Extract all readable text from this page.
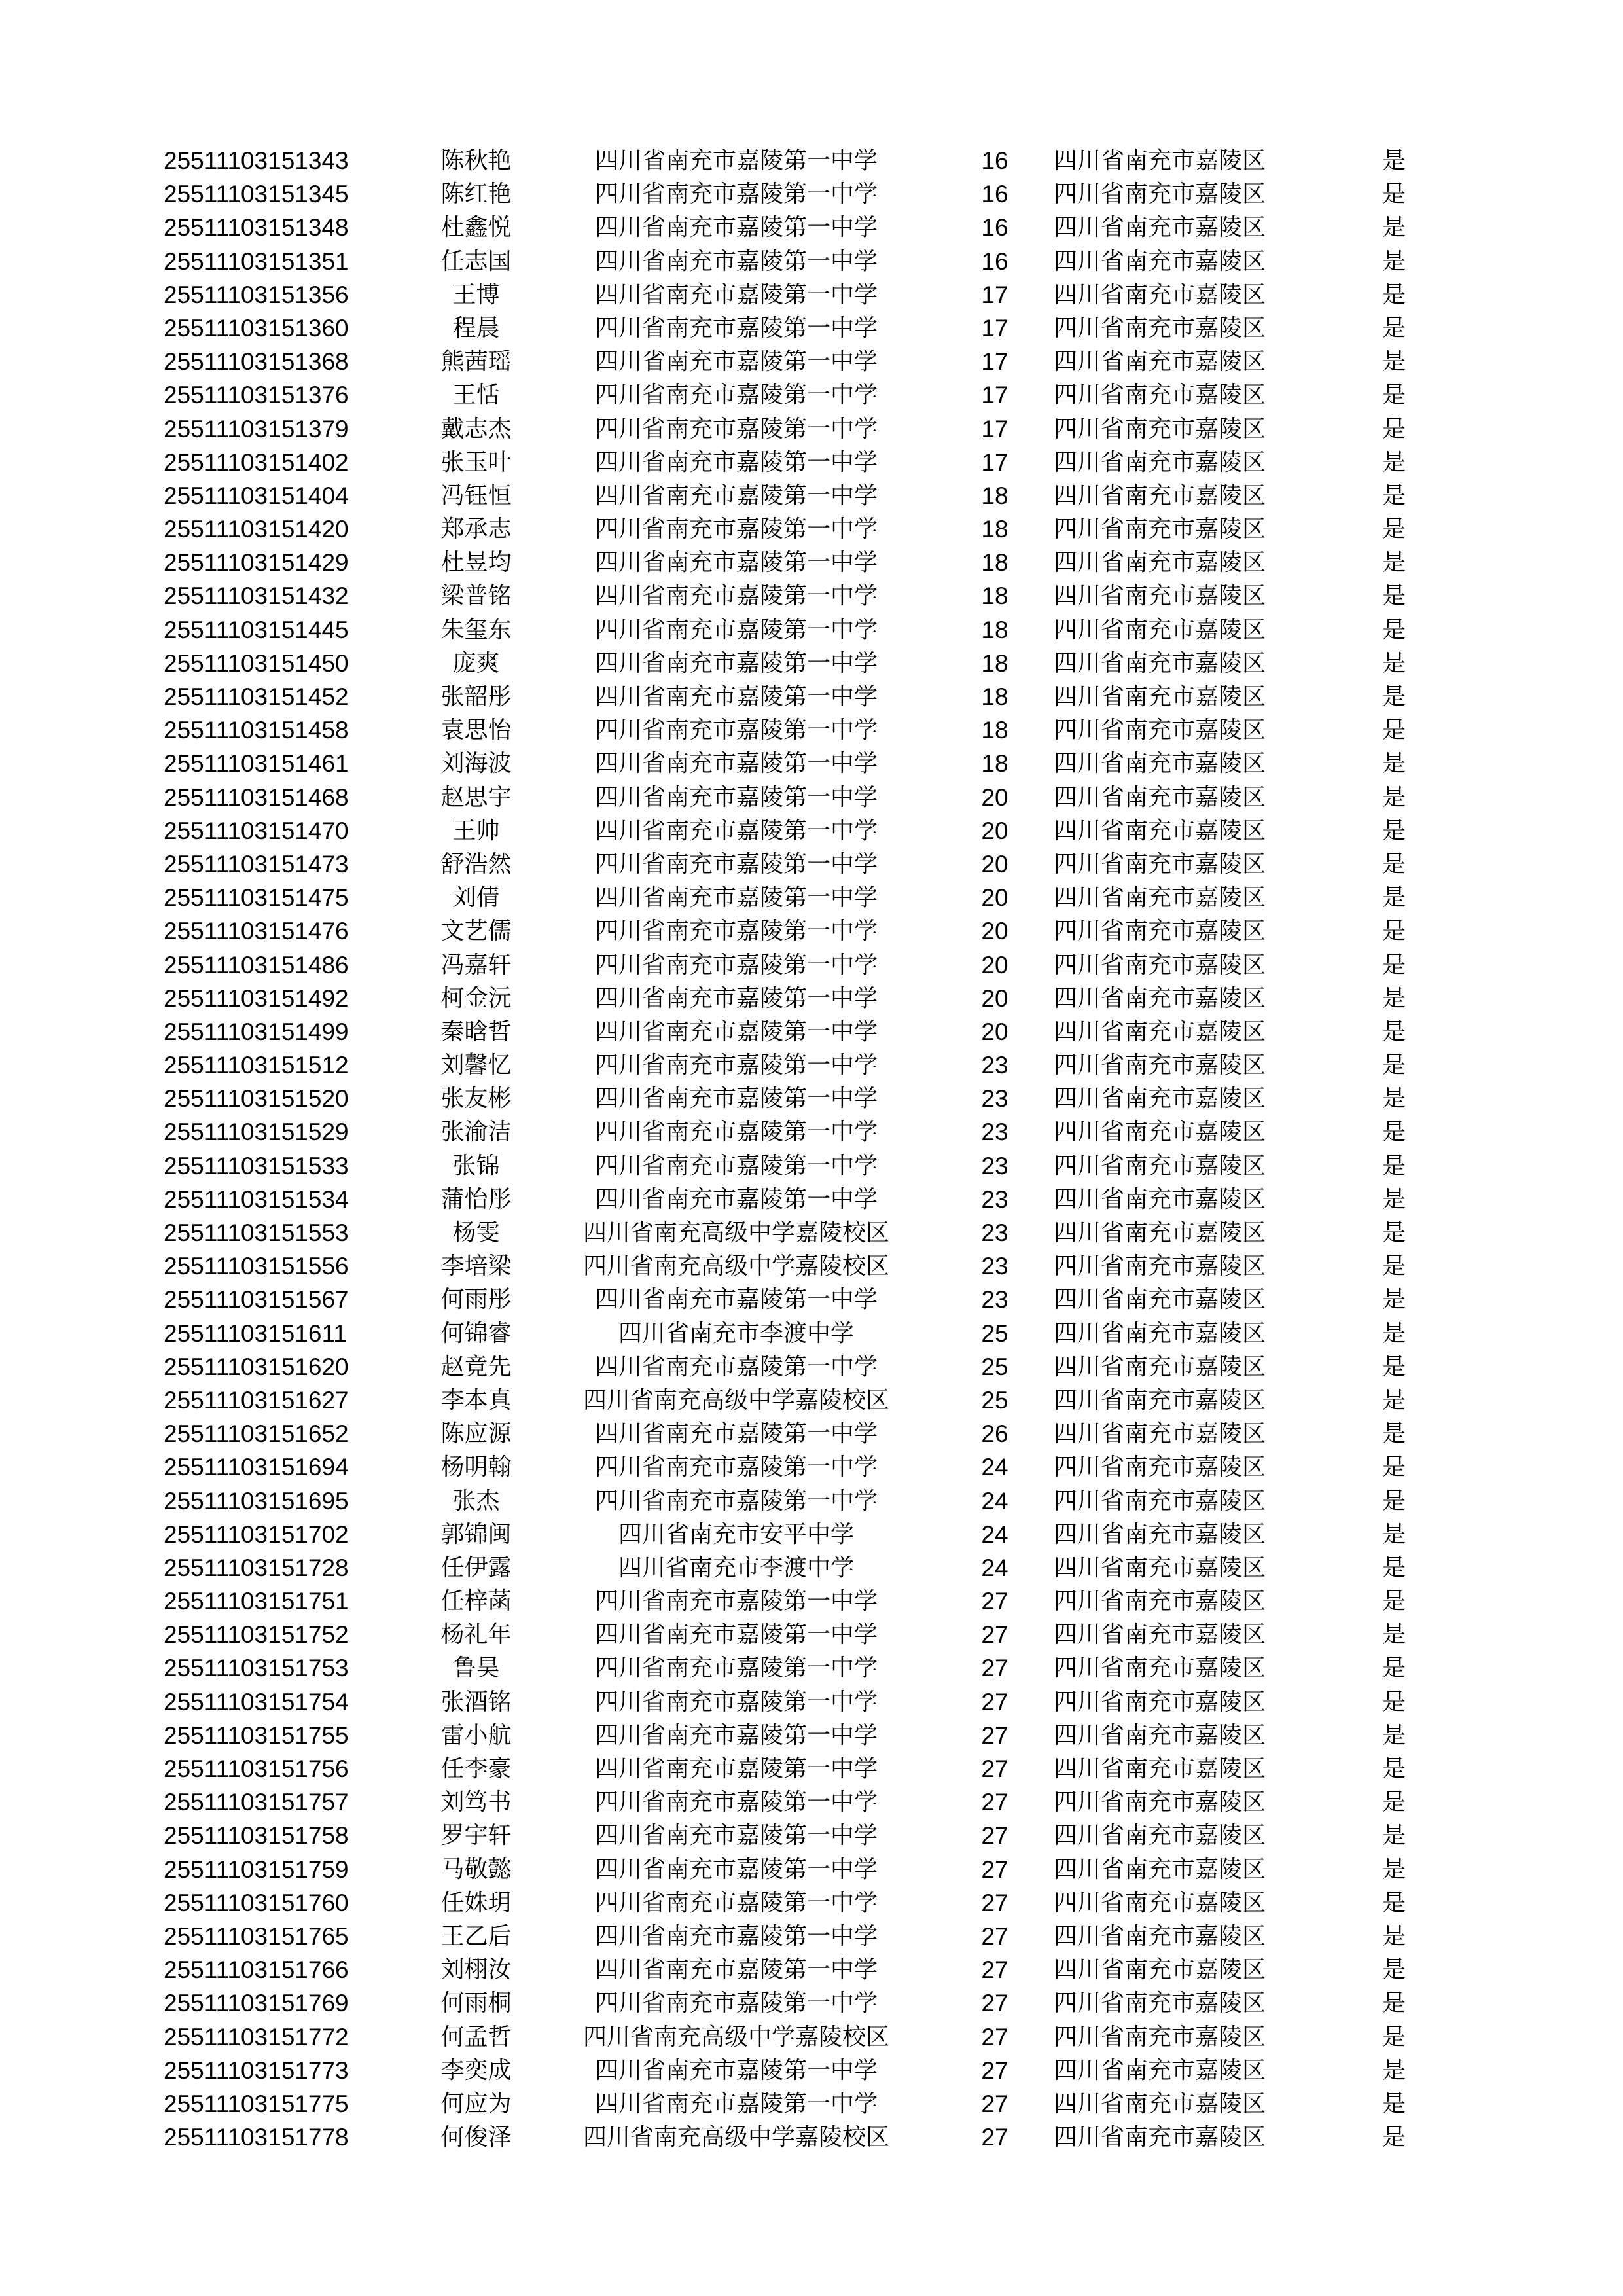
25511103151343	陈秋艳	四川省南充市嘉陵第一中学	16	四川省南充市嘉陵区	是
25511103151345	陈红艳	四川省南充市嘉陵第一中学	16	四川省南充市嘉陵区	是
25511103151348	杜鑫悦	四川省南充市嘉陵第一中学	16	四川省南充市嘉陵区	是
25511103151351	任志国	四川省南充市嘉陵第一中学	16	四川省南充市嘉陵区	是
25511103151356	王博	四川省南充市嘉陵第一中学	17	四川省南充市嘉陵区	是
25511103151360	程晨	四川省南充市嘉陵第一中学	17	四川省南充市嘉陵区	是
25511103151368	熊茜瑶	四川省南充市嘉陵第一中学	17	四川省南充市嘉陵区	是
25511103151376	王恬	四川省南充市嘉陵第一中学	17	四川省南充市嘉陵区	是
25511103151379	戴志杰	四川省南充市嘉陵第一中学	17	四川省南充市嘉陵区	是
25511103151402	张玉叶	四川省南充市嘉陵第一中学	17	四川省南充市嘉陵区	是
25511103151404	冯钰恒	四川省南充市嘉陵第一中学	18	四川省南充市嘉陵区	是
25511103151420	郑承志	四川省南充市嘉陵第一中学	18	四川省南充市嘉陵区	是
25511103151429	杜昱均	四川省南充市嘉陵第一中学	18	四川省南充市嘉陵区	是
25511103151432	梁普铭	四川省南充市嘉陵第一中学	18	四川省南充市嘉陵区	是
25511103151445	朱玺东	四川省南充市嘉陵第一中学	18	四川省南充市嘉陵区	是
25511103151450	庞爽	四川省南充市嘉陵第一中学	18	四川省南充市嘉陵区	是
25511103151452	张韶彤	四川省南充市嘉陵第一中学	18	四川省南充市嘉陵区	是
25511103151458	袁思怡	四川省南充市嘉陵第一中学	18	四川省南充市嘉陵区	是
25511103151461	刘海波	四川省南充市嘉陵第一中学	18	四川省南充市嘉陵区	是
25511103151468	赵思宇	四川省南充市嘉陵第一中学	20	四川省南充市嘉陵区	是
25511103151470	王帅	四川省南充市嘉陵第一中学	20	四川省南充市嘉陵区	是
25511103151473	舒浩然	四川省南充市嘉陵第一中学	20	四川省南充市嘉陵区	是
25511103151475	刘倩	四川省南充市嘉陵第一中学	20	四川省南充市嘉陵区	是
25511103151476	文艺儒	四川省南充市嘉陵第一中学	20	四川省南充市嘉陵区	是
25511103151486	冯嘉轩	四川省南充市嘉陵第一中学	20	四川省南充市嘉陵区	是
25511103151492	柯金沅	四川省南充市嘉陵第一中学	20	四川省南充市嘉陵区	是
25511103151499	秦晗哲	四川省南充市嘉陵第一中学	20	四川省南充市嘉陵区	是
25511103151512	刘馨忆	四川省南充市嘉陵第一中学	23	四川省南充市嘉陵区	是
25511103151520	张友彬	四川省南充市嘉陵第一中学	23	四川省南充市嘉陵区	是
25511103151529	张渝洁	四川省南充市嘉陵第一中学	23	四川省南充市嘉陵区	是
25511103151533	张锦	四川省南充市嘉陵第一中学	23	四川省南充市嘉陵区	是
25511103151534	蒲怡彤	四川省南充市嘉陵第一中学	23	四川省南充市嘉陵区	是
25511103151553	杨雯	四川省南充高级中学嘉陵校区	23	四川省南充市嘉陵区	是
25511103151556	李培梁	四川省南充高级中学嘉陵校区	23	四川省南充市嘉陵区	是
25511103151567	何雨彤	四川省南充市嘉陵第一中学	23	四川省南充市嘉陵区	是
25511103151611	何锦睿	四川省南充市李渡中学	25	四川省南充市嘉陵区	是
25511103151620	赵竟先	四川省南充市嘉陵第一中学	25	四川省南充市嘉陵区	是
25511103151627	李本真	四川省南充高级中学嘉陵校区	25	四川省南充市嘉陵区	是
25511103151652	陈应源	四川省南充市嘉陵第一中学	26	四川省南充市嘉陵区	是
25511103151694	杨明翰	四川省南充市嘉陵第一中学	24	四川省南充市嘉陵区	是
25511103151695	张杰	四川省南充市嘉陵第一中学	24	四川省南充市嘉陵区	是
25511103151702	郭锦闽	四川省南充市安平中学	24	四川省南充市嘉陵区	是
25511103151728	任伊露	四川省南充市李渡中学	24	四川省南充市嘉陵区	是
25511103151751	任梓菡	四川省南充市嘉陵第一中学	27	四川省南充市嘉陵区	是
25511103151752	杨礼年	四川省南充市嘉陵第一中学	27	四川省南充市嘉陵区	是
25511103151753	鲁昊	四川省南充市嘉陵第一中学	27	四川省南充市嘉陵区	是
25511103151754	张酒铭	四川省南充市嘉陵第一中学	27	四川省南充市嘉陵区	是
25511103151755	雷小航	四川省南充市嘉陵第一中学	27	四川省南充市嘉陵区	是
25511103151756	任李豪	四川省南充市嘉陵第一中学	27	四川省南充市嘉陵区	是
25511103151757	刘笃书	四川省南充市嘉陵第一中学	27	四川省南充市嘉陵区	是
25511103151758	罗宇轩	四川省南充市嘉陵第一中学	27	四川省南充市嘉陵区	是
25511103151759	马敬懿	四川省南充市嘉陵第一中学	27	四川省南充市嘉陵区	是
25511103151760	任姝玥	四川省南充市嘉陵第一中学	27	四川省南充市嘉陵区	是
25511103151765	王乙后	四川省南充市嘉陵第一中学	27	四川省南充市嘉陵区	是
25511103151766	刘栩汝	四川省南充市嘉陵第一中学	27	四川省南充市嘉陵区	是
25511103151769	何雨桐	四川省南充市嘉陵第一中学	27	四川省南充市嘉陵区	是
25511103151772	何孟哲	四川省南充高级中学嘉陵校区	27	四川省南充市嘉陵区	是
25511103151773	李奕成	四川省南充市嘉陵第一中学	27	四川省南充市嘉陵区	是
25511103151775	何应为	四川省南充市嘉陵第一中学	27	四川省南充市嘉陵区	是
25511103151778	何俊泽	四川省南充高级中学嘉陵校区	27	四川省南充市嘉陵区	是
